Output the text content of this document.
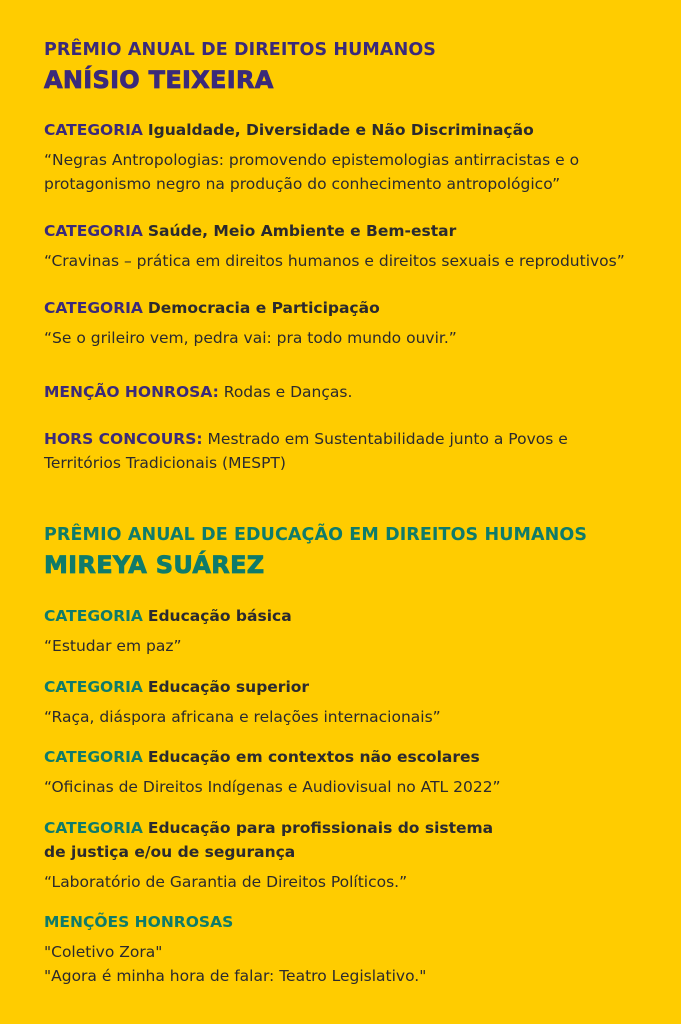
PRÊMIO ANUAL DE DIREITOS HUMANOS
ANÍSIO TEIXEIRA
CATEGORIA Igualdade, Diversidade e Não Discriminação
“Negras Antropologias: promovendo epistemologias antirracistas e o
protagonismo negro na produção do conhecimento antropológico”
CATEGORIA Saúde, Meio Ambiente e Bem-estar
“Cravinas – prática em direitos humanos e direitos sexuais e reprodutivos”
CATEGORIA Democracia e Participação
“Se o grileiro vem, pedra vai: pra todo mundo ouvir.”
MENÇÃO HONROSA: Rodas e Danças.
HORS CONCOURS: Mestrado em Sustentabilidade junto a Povos e
Territórios Tradicionais (MESPT)
PRÊMIO ANUAL DE EDUCAÇÃO EM DIREITOS HUMANOS
MIREYA SUÁREZ
CATEGORIA Educação básica
“Estudar em paz”
CATEGORIA Educação superior
“Raça, diáspora africana e relações internacionais”
CATEGORIA Educação em contextos não escolares
“Oficinas de Direitos Indígenas e Audiovisual no ATL 2022”
CATEGORIA Educação para profissionais do sistema
de justiça e/ou de segurança
“Laboratório de Garantia de Direitos Políticos.”
MENÇÕES HONROSAS
"Coletivo Zora"
"Agora é minha hora de falar: Teatro Legislativo."
